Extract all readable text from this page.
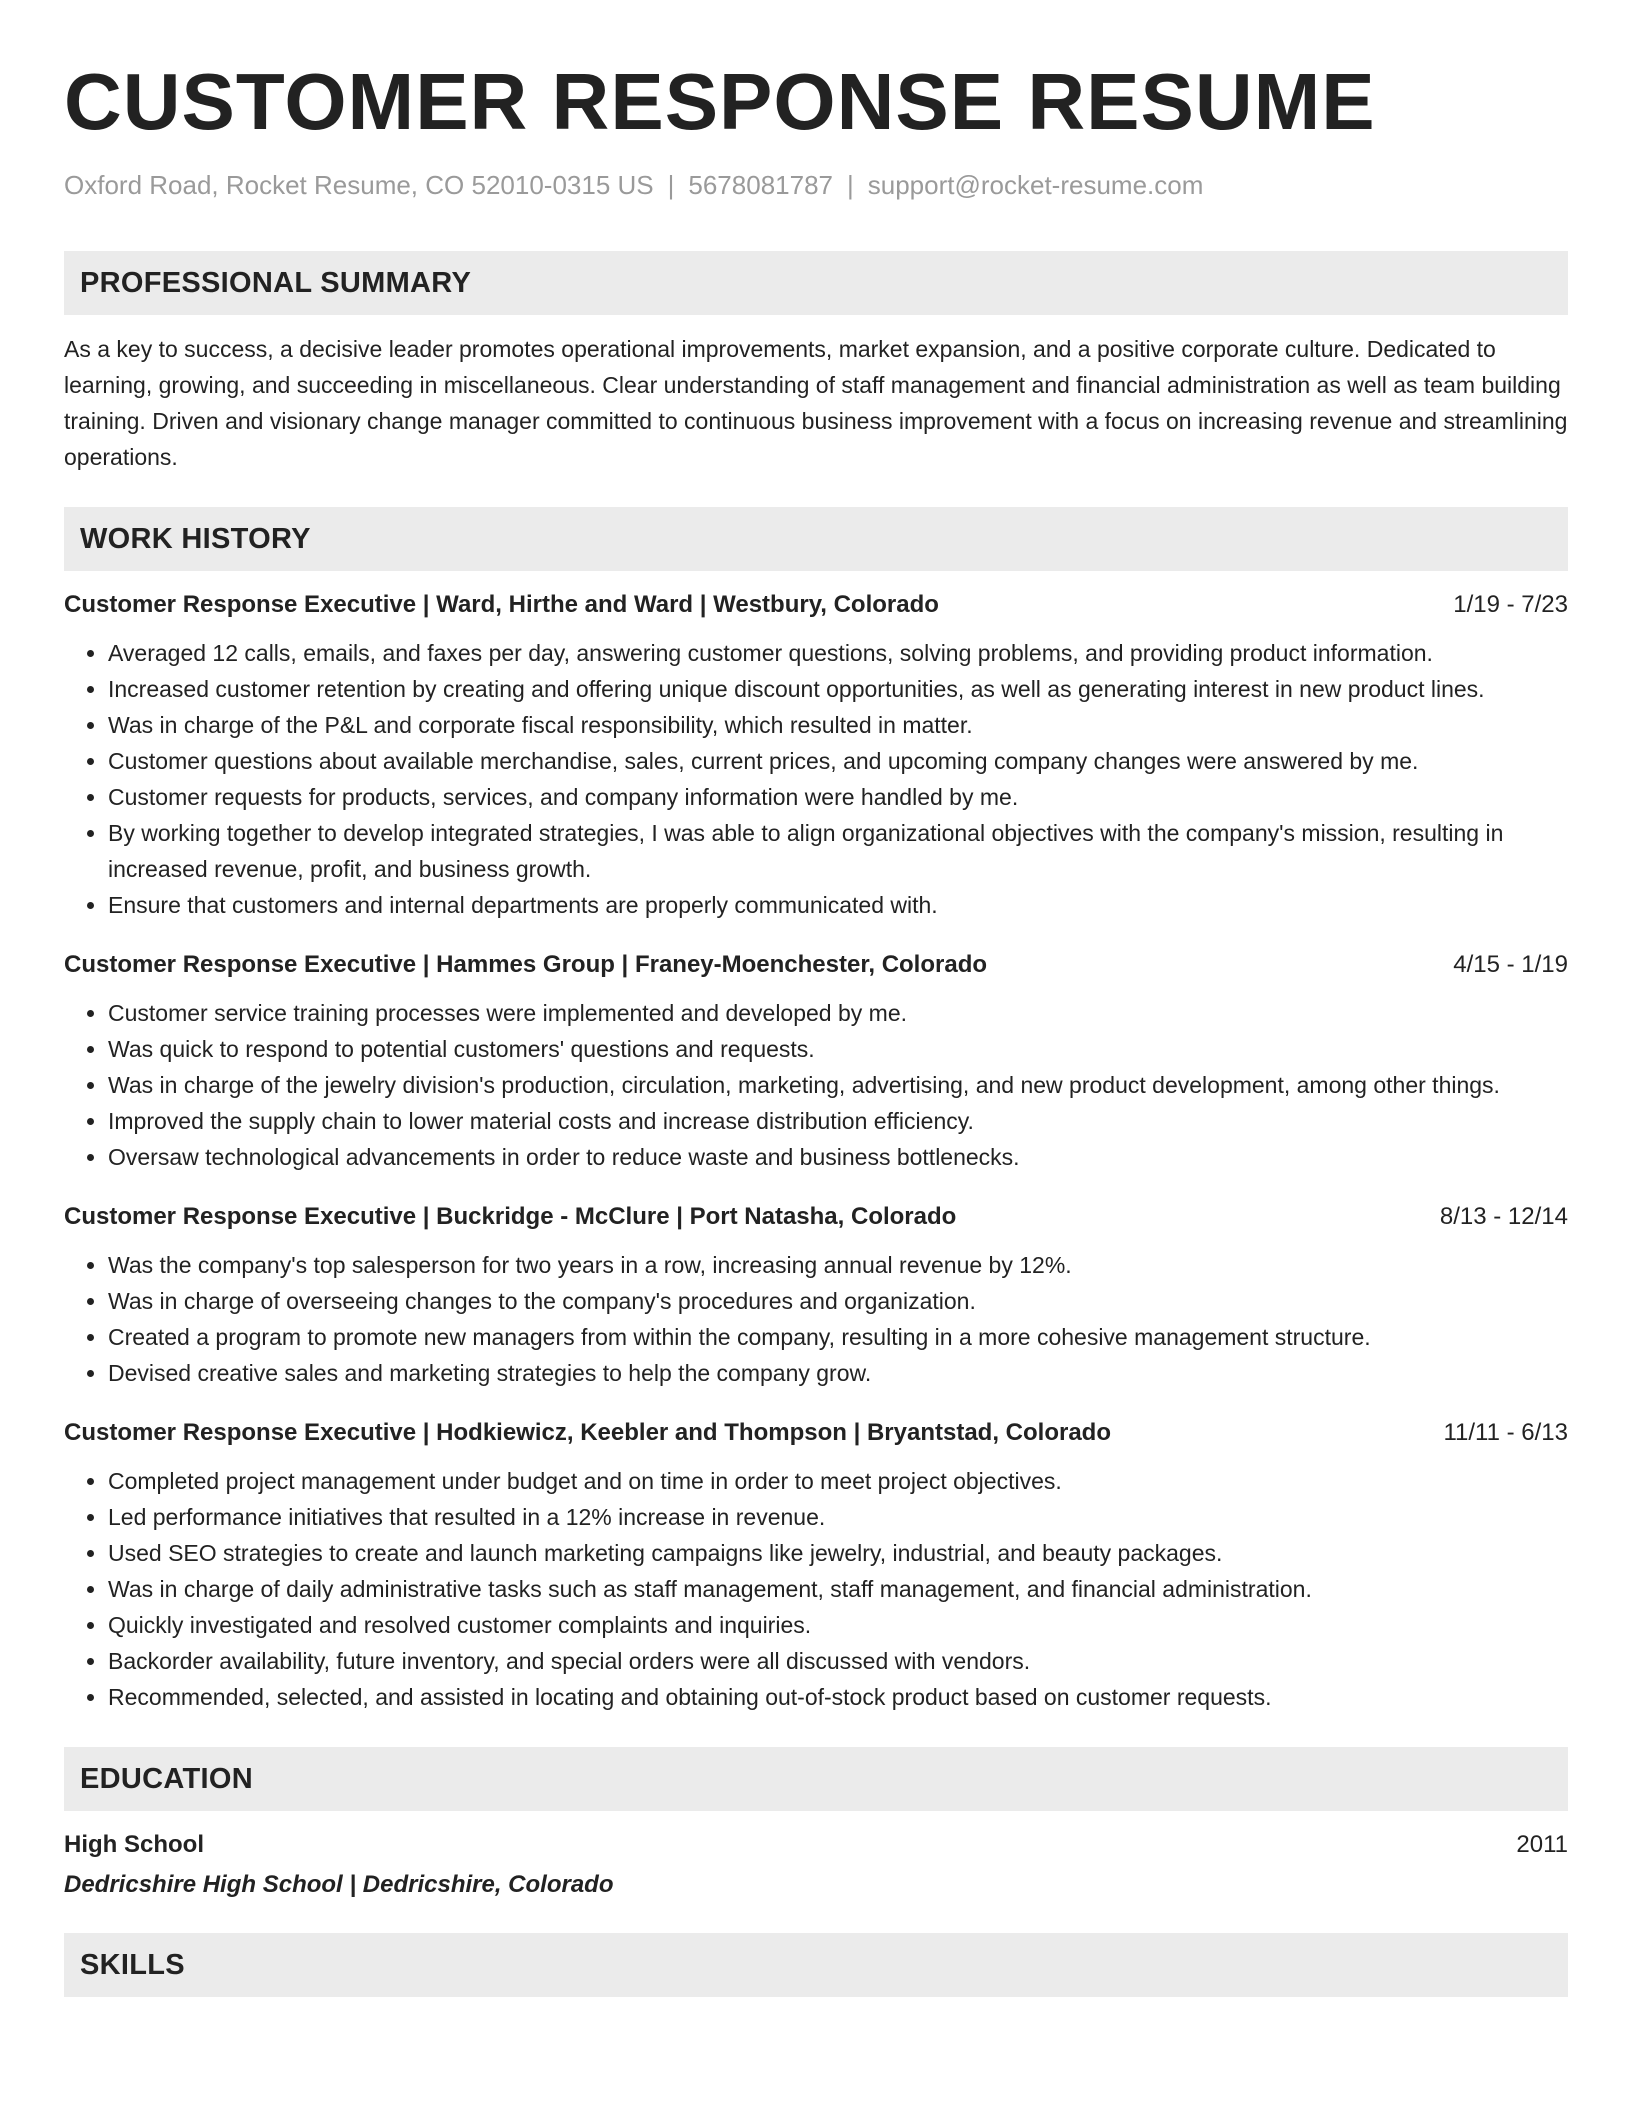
CUSTOMER RESPONSE RESUME
Oxford Road, Rocket Resume, CO 52010-0315 US | 5678081787 | support@rocket-resume.com
PROFESSIONAL SUMMARY

As a key to success, a decisive leader promotes operational improvements, market expansion, and a positive corporate culture. Dedicated to learning, growing, and succeeding in miscellaneous. Clear understanding of staff management and financial administration as well as team building training. Driven and visionary change manager committed to continuous business improvement with a focus on increasing revenue and streamlining operations.

WORK HISTORY
Customer Response Executive | Ward, Hirthe and Ward | Westbury, Colorado	1/19 - 7/23
• Averaged 12 calls, emails, and faxes per day, answering customer questions, solving problems, and providing product information.
• Increased customer retention by creating and offering unique discount opportunities, as well as generating interest in new product lines.
• Was in charge of the P&L and corporate fiscal responsibility, which resulted in matter.
• Customer questions about available merchandise, sales, current prices, and upcoming company changes were answered by me.
• Customer requests for products, services, and company information were handled by me.
• By working together to develop integrated strategies, I was able to align organizational objectives with the company's mission, resulting in increased revenue, profit, and business growth.
• Ensure that customers and internal departments are properly communicated with.
Customer Response Executive | Hammes Group | Franey-Moenchester, Colorado	4/15 - 1/19
• Customer service training processes were implemented and developed by me.
• Was quick to respond to potential customers' questions and requests.
• Was in charge of the jewelry division's production, circulation, marketing, advertising, and new product development, among other things.
• Improved the supply chain to lower material costs and increase distribution efficiency.
• Oversaw technological advancements in order to reduce waste and business bottlenecks.
Customer Response Executive | Buckridge - McClure | Port Natasha, Colorado	8/13 - 12/14
• Was the company's top salesperson for two years in a row, increasing annual revenue by 12%.
• Was in charge of overseeing changes to the company's procedures and organization.
• Created a program to promote new managers from within the company, resulting in a more cohesive management structure.
• Devised creative sales and marketing strategies to help the company grow.
Customer Response Executive | Hodkiewicz, Keebler and Thompson | Bryantstad, Colorado	11/11 - 6/13
• Completed project management under budget and on time in order to meet project objectives.
• Led performance initiatives that resulted in a 12% increase in revenue.
• Used SEO strategies to create and launch marketing campaigns like jewelry, industrial, and beauty packages.
• Was in charge of daily administrative tasks such as staff management, staff management, and financial administration.
• Quickly investigated and resolved customer complaints and inquiries.
• Backorder availability, future inventory, and special orders were all discussed with vendors.
• Recommended, selected, and assisted in locating and obtaining out-of-stock product based on customer requests.
EDUCATION
High School	2011
Dedricshire High School | Dedricshire, Colorado
SKILLS
